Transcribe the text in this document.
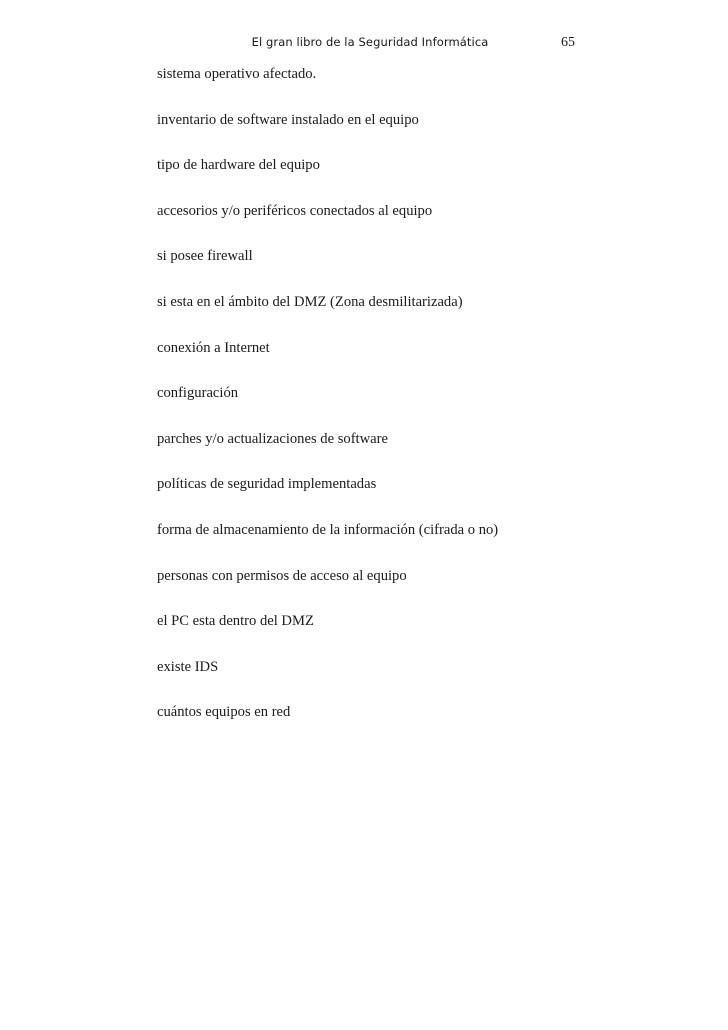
El gran libro de la Seguridad Informática	65
sistema operativo afectado.
inventario de software instalado en el equipo
tipo de hardware del equipo
accesorios y/o periféricos conectados al equipo
si posee firewall
si esta en el ámbito del DMZ (Zona desmilitarizada)
conexión a Internet
configuración
parches y/o actualizaciones de software
políticas de seguridad implementadas
forma de almacenamiento de la información (cifrada o no)
personas con permisos de acceso al equipo
el PC esta dentro del DMZ
existe IDS
cuántos equipos en red
